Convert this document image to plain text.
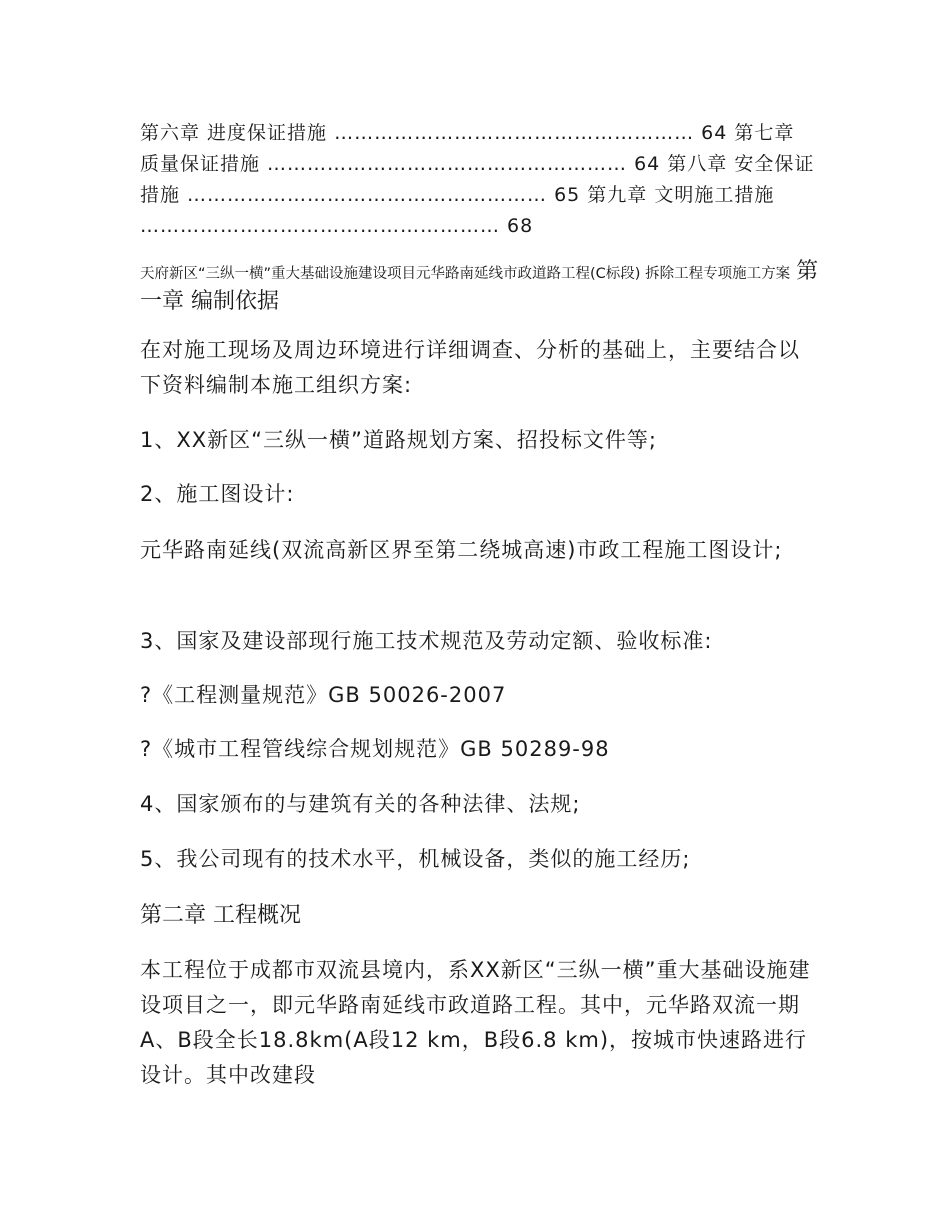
第六章 进度保证措施 ……………………………………………… 64 第七章 质量保证措施 ……………………………………………… 64 第八章 安全保证措施 ……………………………………………… 65 第九章 文明施工措施 ……………………………………………… 68
天府新区“三纵一横”重大基础设施建设项目元华路南延线市政道路工程(C标段) 拆除工程专项施工方案 第一章 编制依据
在对施工现场及周边环境进行详细调查、分析的基础上，主要结合以下资料编制本施工组织方案:
1、XX新区“三纵一横”道路规划方案、招投标文件等;
2、施工图设计:
元华路南延线(双流高新区界至第二绕城高速)市政工程施工图设计;
3、国家及建设部现行施工技术规范及劳动定额、验收标准:
?《工程测量规范》GB 50026-2007
?《城市工程管线综合规划规范》GB 50289-98
4、国家颁布的与建筑有关的各种法律、法规;
5、我公司现有的技术水平，机械设备，类似的施工经历;
第二章 工程概况
本工程位于成都市双流县境内，系XX新区“三纵一横”重大基础设施建设项目之一，即元华路南延线市政道路工程。其中，元华路双流一期A、B段全长18.8km(A段12 km，B段6.8 km)，按城市快速路进行设计。其中改建段
